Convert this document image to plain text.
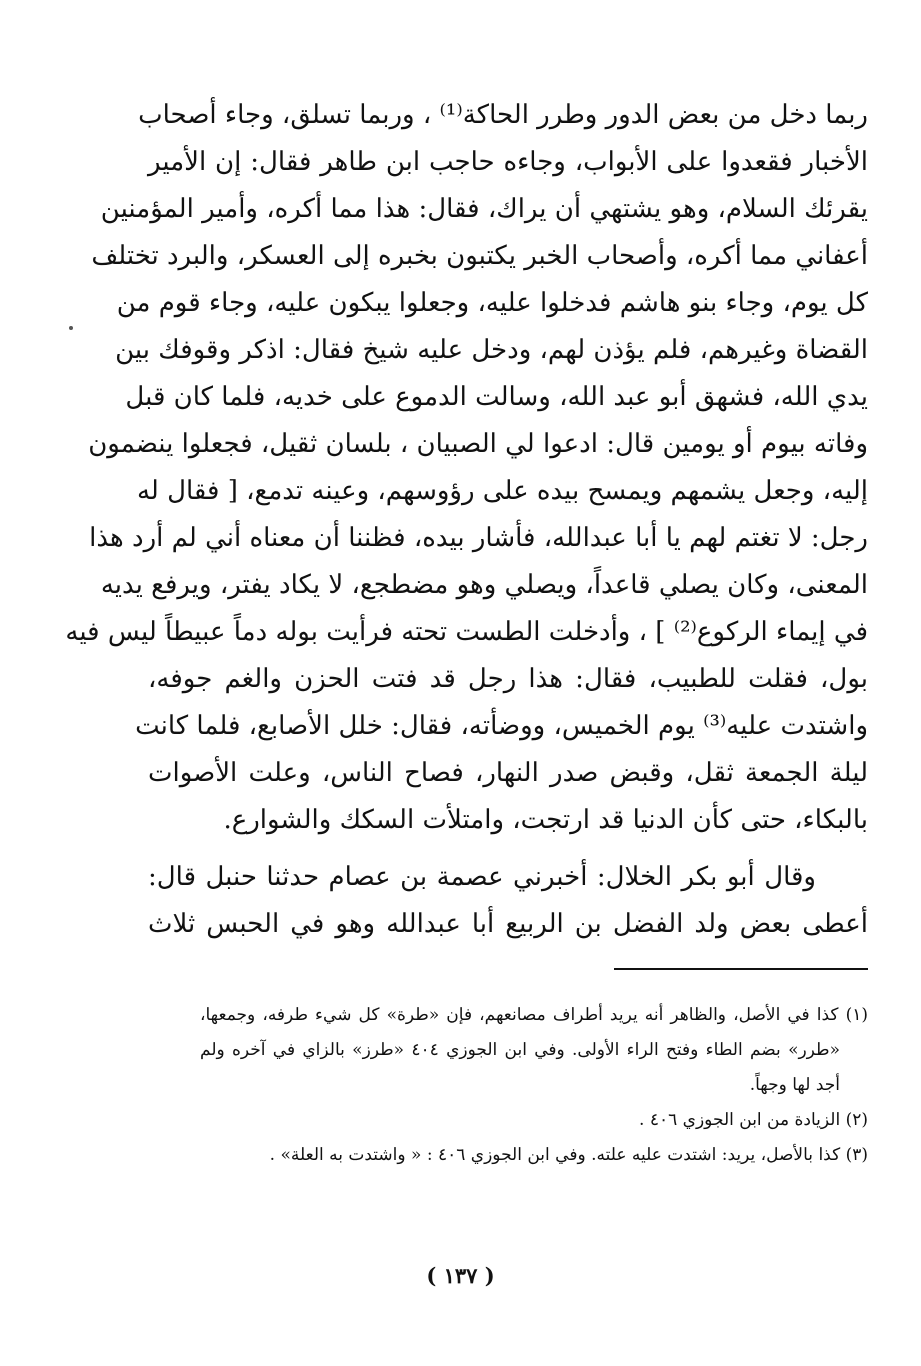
ربما دخل من بعض الدور وطرر الحاكة⁽¹⁾ ، وربما تسلق، وجاء أصحاب
الأخبار فقعدوا على الأبواب، وجاءه حاجب ابن طاهر فقال: إن الأمير
يقرئك السلام، وهو يشتهي أن يراك، فقال: هذا مما أكره، وأمير المؤمنين
أعفاني مما أكره، وأصحاب الخبر يكتبون بخبره إلى العسكر، والبرد تختلف
كل يوم، وجاء بنو هاشم فدخلوا عليه، وجعلوا يبكون عليه، وجاء قوم من
القضاة وغيرهم، فلم يؤذن لهم، ودخل عليه شيخ فقال: اذكر وقوفك بين
يدي الله، فشهق أبو عبد الله، وسالت الدموع على خديه، فلما كان قبل
وفاته بيوم أو يومين قال: ادعوا لي الصبيان ، بلسان ثقيل، فجعلوا ينضمون
إليه، وجعل يشمهم ويمسح بيده على رؤوسهم، وعينه تدمع، [ فقال له
رجل: لا تغتم لهم يا أبا عبدالله، فأشار بيده، فظننا أن معناه أني لم أرد هذا
المعنى، وكان يصلي قاعداً، ويصلي وهو مضطجع، لا يكاد يفتر، ويرفع يديه
في إيماء الركوع⁽²⁾ ] ، وأدخلت الطست تحته فرأيت بوله دماً عبيطاً ليس فيه
بول، فقلت للطبيب، فقال: هذا رجل قد فتت الحزن والغم جوفه،
واشتدت عليه⁽³⁾ يوم الخميس، ووضأته، فقال: خلل الأصابع، فلما كانت
ليلة الجمعة ثقل، وقبض صدر النهار، فصاح الناس، وعلت الأصوات
بالبكاء، حتى كأن الدنيا قد ارتجت، وامتلأت السكك والشوارع.
وقال أبو بكر الخلال: أخبرني عصمة بن عصام حدثنا حنبل قال:
أعطى بعض ولد الفضل بن الربيع أبا عبدالله وهو في الحبس ثلاث
(١) كذا في الأصل، والظاهر أنه يريد أطراف مصانعهم، فإن «طرة» كل شيء طرفه، وجمعها،
«طرر» بضم الطاء وفتح الراء الأولى. وفي ابن الجوزي ٤٠٤ «طرز» بالزاي في آخره ولم
أجد لها وجهاً.
(٢) الزيادة من ابن الجوزي ٤٠٦ .
(٣) كذا بالأصل، يريد: اشتدت عليه علته. وفي ابن الجوزي ٤٠٦ : « واشتدت به العلة» .
( ١٣٧ )
